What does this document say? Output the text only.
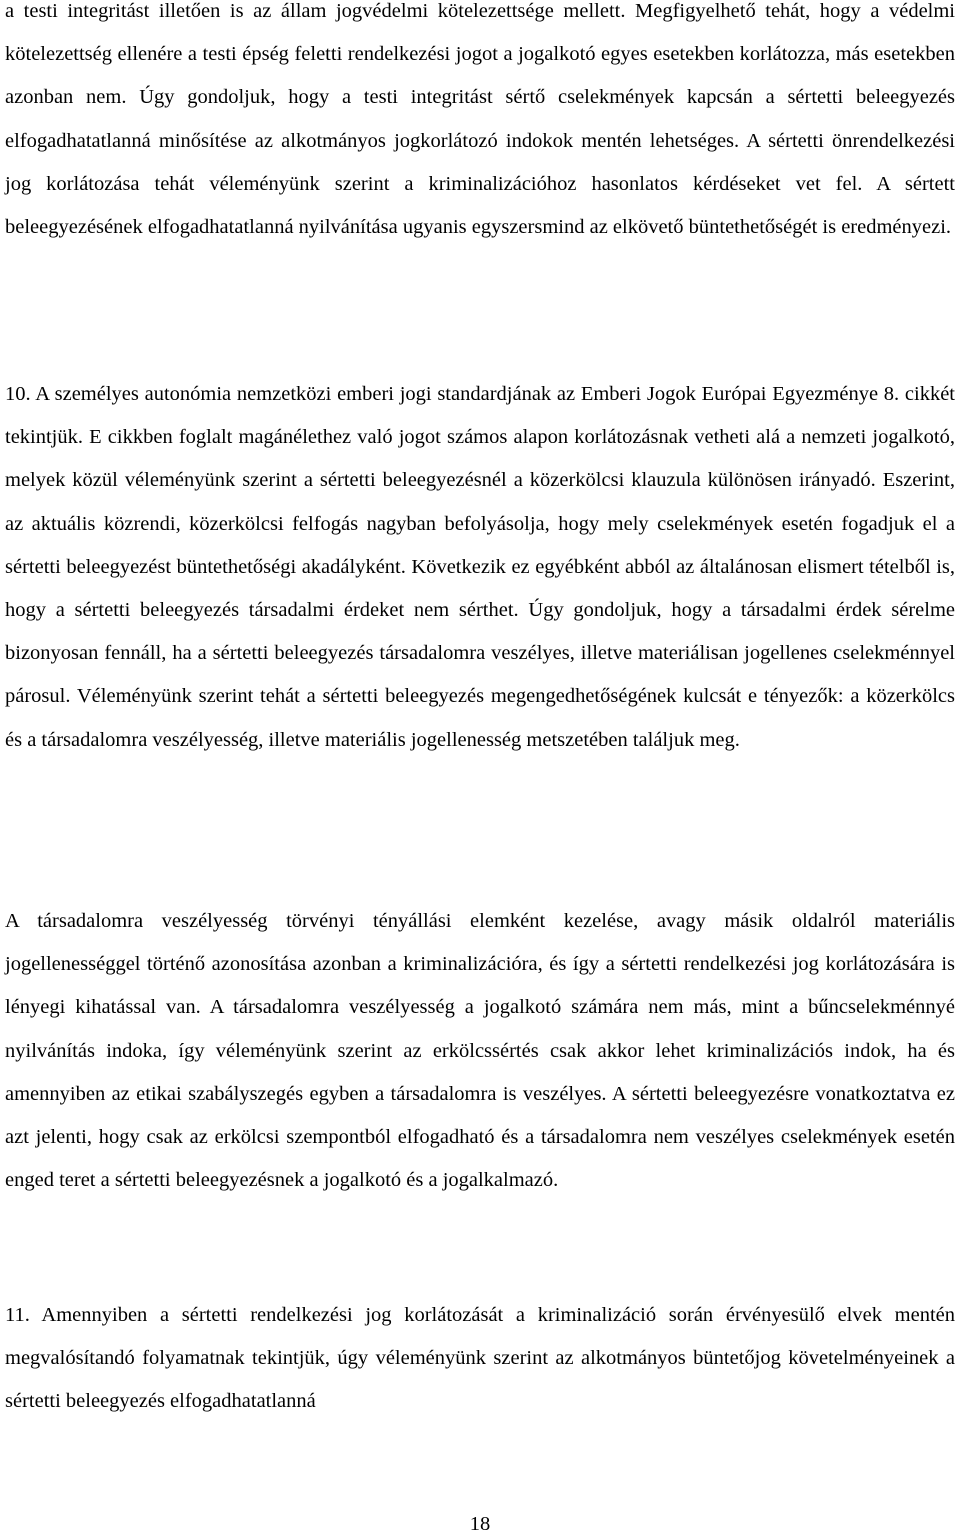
a testi integritást illetően is az állam jogvédelmi kötelezettsége mellett. Megfigyelhető tehát, hogy a védelmi kötelezettség ellenére a testi épség feletti rendelkezési jogot a jogalkotó egyes esetekben korlátozza, más esetekben azonban nem. Úgy gondoljuk, hogy a testi integritást sértő cselekmények kapcsán a sértetti beleegyezés elfogadhatatlanná minősítése az alkotmányos jogkorlátozó indokok mentén lehetséges. A sértetti önrendelkezési jog korlátozása tehát véleményünk szerint a kriminalizációhoz hasonlatos kérdéseket vet fel. A sértett beleegyezésének elfogadhatatlanná nyilvánítása ugyanis egyszersmind az elkövető büntethetőségét is eredményezi.

10. A személyes autonómia nemzetközi emberi jogi standardjának az Emberi Jogok Európai Egyezménye 8. cikkét tekintjük. E cikkben foglalt magánélethez való jogot számos alapon korlátozásnak vetheti alá a nemzeti jogalkotó, melyek közül véleményünk szerint a sértetti beleegyezésnél a közerkölcsi klauzula különösen irányadó. Eszerint, az aktuális közrendi, közerkölcsi felfogás nagyban befolyásolja, hogy mely cselekmények esetén fogadjuk el a sértetti beleegyezést büntethetőségi akadályként. Következik ez egyébként abból az általánosan elismert tételből is, hogy a sértetti beleegyezés társadalmi érdeket nem sérthet. Úgy gondoljuk, hogy a társadalmi érdek sérelme bizonyosan fennáll, ha a sértetti beleegyezés társadalomra veszélyes, illetve materiálisan jogellenes cselekménnyel párosul. Véleményünk szerint tehát a sértetti beleegyezés megengedhetőségének kulcsát e tényezők: a közerkölcs és a társadalomra veszélyesség, illetve materiális jogellenesség metszetében találjuk meg.

A társadalomra veszélyesség törvényi tényállási elemként kezelése, avagy másik oldalról materiális jogellenességgel történő azonosítása azonban a kriminalizációra, és így a sértetti rendelkezési jog korlátozására is lényegi kihatással van. A társadalomra veszélyesség a jogalkotó számára nem más, mint a bűncselekménnyé nyilvánítás indoka, így véleményünk szerint az erkölcssértés csak akkor lehet kriminalizációs indok, ha és amennyiben az etikai szabályszegés egyben a társadalomra is veszélyes. A sértetti beleegyezésre vonatkoztatva ez azt jelenti, hogy csak az erkölcsi szempontból elfogadható és a társadalomra nem veszélyes cselekmények esetén enged teret a sértetti beleegyezésnek a jogalkotó és a jogalkalmazó.

11. Amennyiben a sértetti rendelkezési jog korlátozását a kriminalizáció során érvényesülő elvek mentén megvalósítandó folyamatnak tekintjük, úgy véleményünk szerint az alkotmányos büntetőjog követelményeinek a sértetti beleegyezés elfogadhatatlanná

18
